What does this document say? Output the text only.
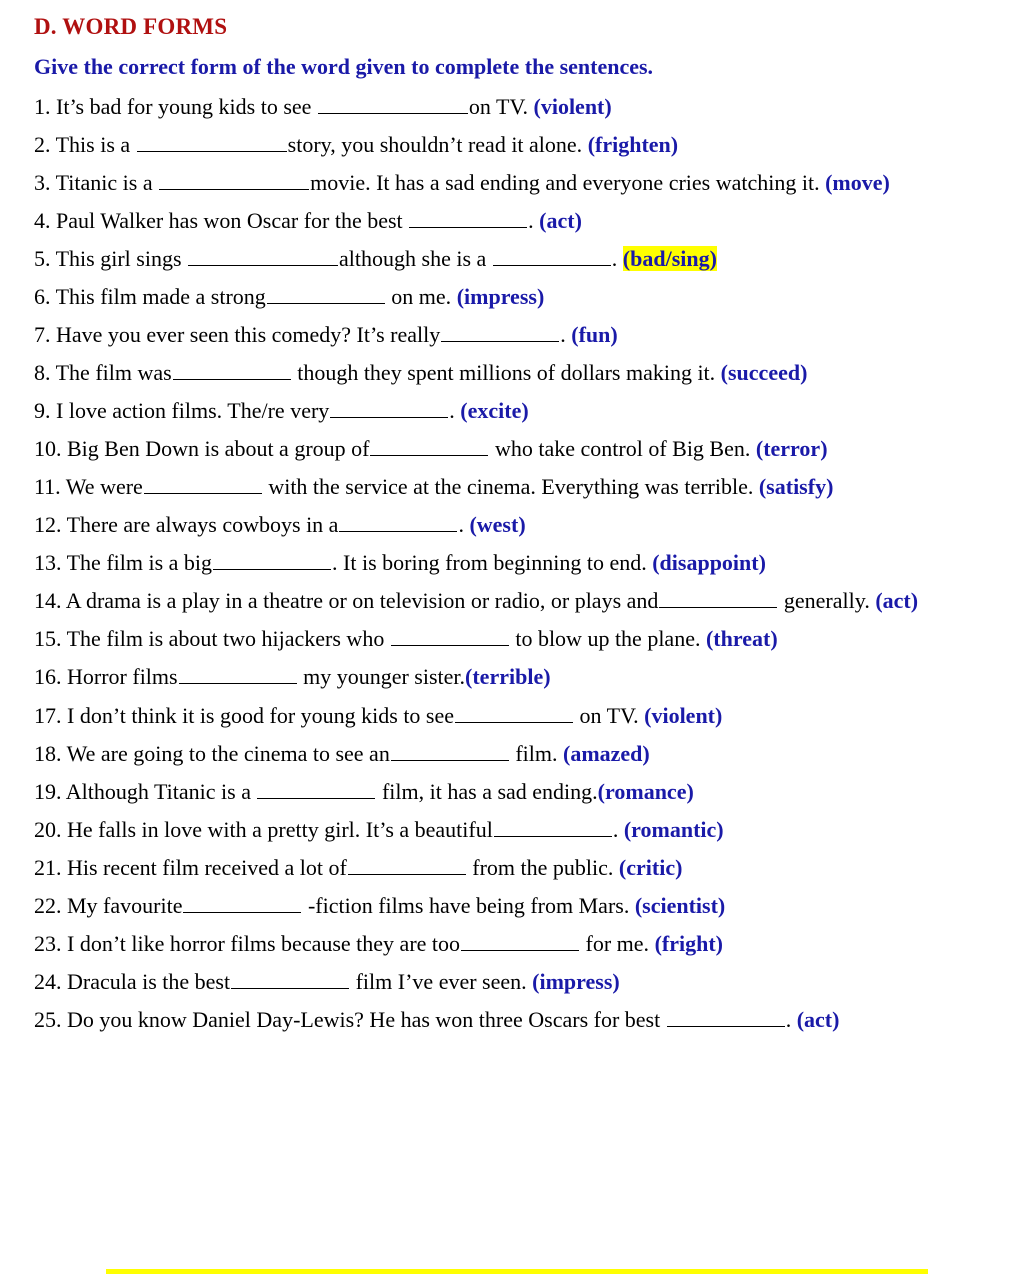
D. WORD FORMS
Give the correct form of the word given to complete the sentences.
1. It’s bad for young kids to see	on TV. (violent)
2. This is a	story, you shouldn’t read it alone. (frighten)
3. Titanic is a	movie. It has a sad ending and everyone cries watching it. (move)
4. Paul Walker has won Oscar for the best	. (act)
5. This girl sings	although she is a	. (bad/sing)
6. This film made a strong	on me. (impress)
7. Have you ever seen this comedy? It’s really	. (fun)
8. The film was	though they spent millions of dollars making it. (succeed)
9. I love action films. The/re very	. (excite)
10. Big Ben Down is about a group of	who take control of Big Ben. (terror)
11. We were	with the service at the cinema. Everything was terrible. (satisfy)
12. There are always cowboys in a	. (west)
13. The film is a big	. It is boring from beginning to end. (disappoint)
14. A drama is a play in a theatre or on television or radio, or plays and	generally. (act)
15. The film is about two hijackers who	to blow up the plane. (threat)
16. Horror films	my younger sister.(terrible)
17. I don’t think it is good for young kids to see	on TV. (violent)
18. We are going to the cinema to see an	film. (amazed)
19. Although Titanic is a	film, it has a sad ending.(romance)
20. He falls in love with a pretty girl. It’s a beautiful	. (romantic)
21. His recent film received a lot of	from the public. (critic)
22. My favourite	-fiction films have being from Mars. (scientist)
23. I don’t like horror films because they are too	for me. (fright)
24. Dracula is the best	film I’ve ever seen. (impress)
25. Do you know Daniel Day-Lewis? He has won three Oscars for best	. (act)
